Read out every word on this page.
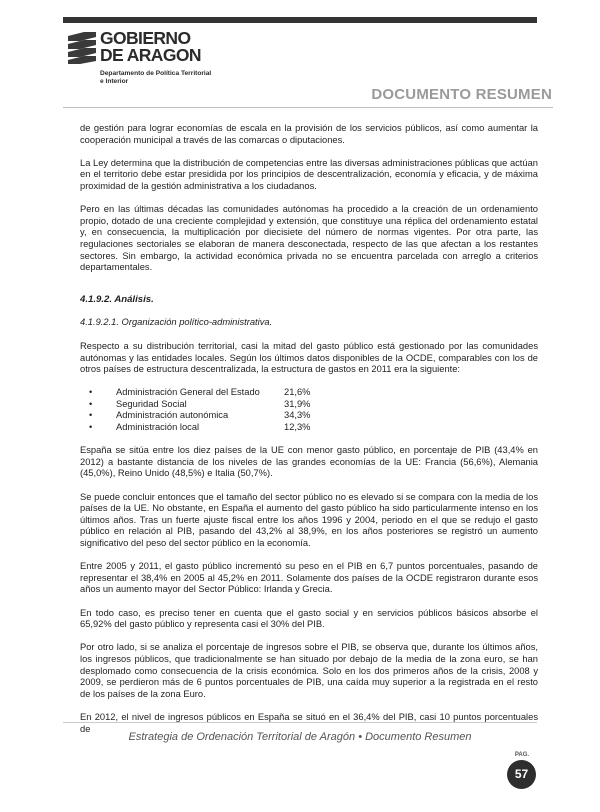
GOBIERNO
DE ARAGON
Departamento de Política Territorial
e Interior
DOCUMENTO RESUMEN

de gestión para lograr economías de escala en la provisión de los servicios públicos, así como aumentar la cooperación municipal a través de las comarcas o diputaciones.

La Ley determina que la distribución de competencias entre las diversas administraciones públicas que actúan en el territorio debe estar presidida por los principios de descentralización, economía y eficacia, y de máxima proximidad de la gestión administrativa a los ciudadanos.

Pero en las últimas décadas las comunidades autónomas ha procedido a la creación de un ordenamiento propio, dotado de una creciente complejidad y extensión, que constituye una réplica del ordenamiento estatal y, en consecuencia, la multiplicación por diecisiete del número de normas vigentes. Por otra parte, las regulaciones sectoriales se elaboran de manera desconectada, respecto de las que afectan a los restantes sectores. Sin embargo, la actividad económica privada no se encuentra parcelada con arreglo a criterios departamentales.

4.1.9.2. Análisis.
4.1.9.2.1. Organización político-administrativa.

Respecto a su distribución territorial, casi la mitad del gasto público está gestionado por las comunidades autónomas y las entidades locales. Según los últimos datos disponibles de la OCDE, comparables con los de otros países de estructura descentralizada, la estructura de gastos en 2011 era la siguiente:

•	Administración General del Estado	21,6%
•	Seguridad Social	31,9%
•	Administración autonómica	34,3%
•	Administración local	12,3%

España se sitúa entre los diez países de la UE con menor gasto público, en porcentaje de PIB (43,4% en 2012) a bastante distancia de los niveles de las grandes economías de la UE: Francia (56,6%), Alemania (45,0%), Reino Unido (48,5%) e Italia (50,7%).

Se puede concluir entonces que el tamaño del sector público no es elevado si se compara con la media de los países de la UE. No obstante, en España el aumento del gasto público ha sido particularmente intenso en los últimos años. Tras un fuerte ajuste fiscal entre los años 1996 y 2004, periodo en el que se redujo el gasto público en relación al PIB, pasando del 43,2% al 38,9%, en los años posteriores se registró un aumento significativo del peso del sector público en la economía.

Entre 2005 y 2011, el gasto público incrementó su peso en el PIB en 6,7 puntos porcentuales, pasando de representar el 38,4% en 2005 al 45,2% en 2011. Solamente dos países de la OCDE registraron durante esos años un aumento mayor del Sector Público: Irlanda y Grecia.

En todo caso, es preciso tener en cuenta que el gasto social y en servicios públicos básicos absorbe el 65,92% del gasto público y representa casi el 30% del PIB.

Por otro lado, si se analiza el porcentaje de ingresos sobre el PIB, se observa que, durante los últimos años, los ingresos públicos, que tradicionalmente se han situado por debajo de la media de la zona euro, se han desplomado como consecuencia de la crisis económica. Solo en los dos primeros años de la crisis, 2008 y 2009, se perdieron más de 6 puntos porcentuales de PIB, una caída muy superior a la registrada en el resto de los países de la zona Euro.

En 2012, el nivel de ingresos públicos en España se situó en el 36,4% del PIB, casi 10 puntos porcentuales de

Estrategia de Ordenación Territorial de Aragón • Documento Resumen
PAG.
57
